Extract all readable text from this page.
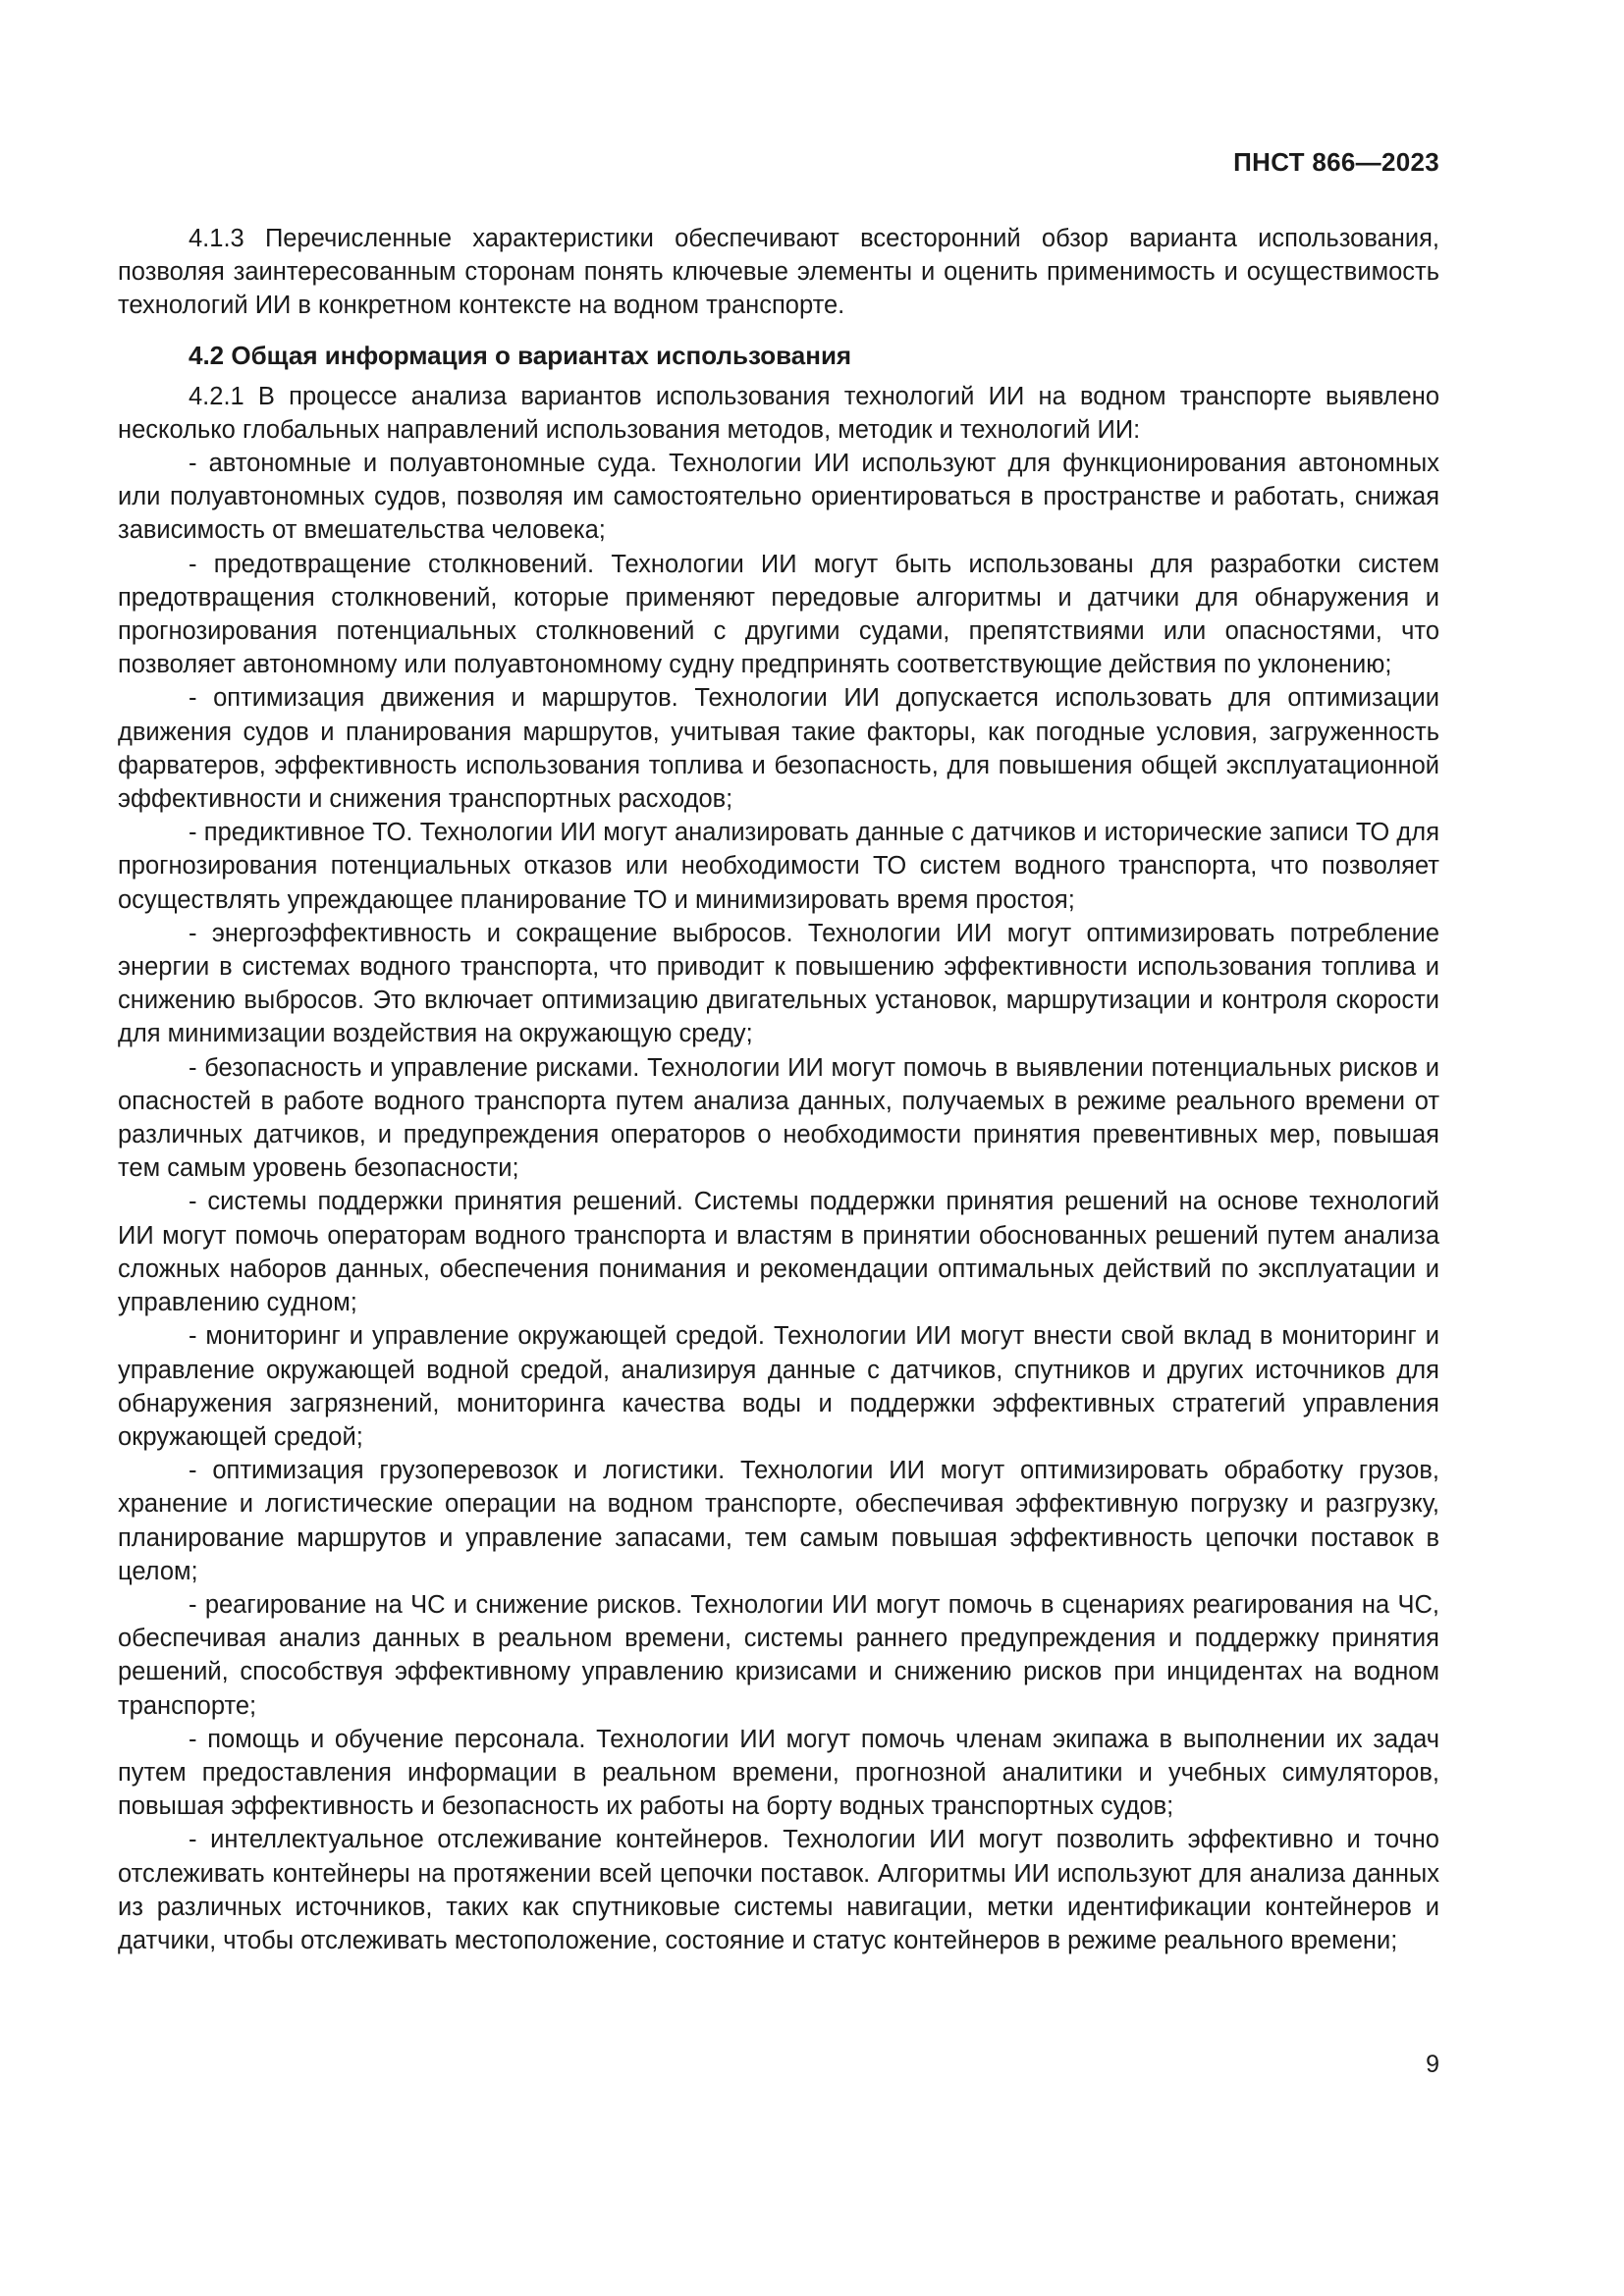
ПНСТ 866—2023

4.1.3 Перечисленные характеристики обеспечивают всесторонний обзор варианта использования, позволяя заинтересованным сторонам понять ключевые элементы и оценить применимость и осуществимость технологий ИИ в конкретном контексте на водном транспорте.

4.2 Общая информация о вариантах использования

4.2.1 В процессе анализа вариантов использования технологий ИИ на водном транспорте выявлено несколько глобальных направлений использования методов, методик и технологий ИИ:

- автономные и полуавтономные суда. Технологии ИИ используют для функционирования автономных или полуавтономных судов, позволяя им самостоятельно ориентироваться в пространстве и работать, снижая зависимость от вмешательства человека;

- предотвращение столкновений. Технологии ИИ могут быть использованы для разработки систем предотвращения столкновений, которые применяют передовые алгоритмы и датчики для обнаружения и прогнозирования потенциальных столкновений с другими судами, препятствиями или опасностями, что позволяет автономному или полуавтономному судну предпринять соответствующие действия по уклонению;

- оптимизация движения и маршрутов. Технологии ИИ допускается использовать для оптимизации движения судов и планирования маршрутов, учитывая такие факторы, как погодные условия, загруженность фарватеров, эффективность использования топлива и безопасность, для повышения общей эксплуатационной эффективности и снижения транспортных расходов;

- предиктивное ТО. Технологии ИИ могут анализировать данные с датчиков и исторические записи ТО для прогнозирования потенциальных отказов или необходимости ТО систем водного транспорта, что позволяет осуществлять упреждающее планирование ТО и минимизировать время простоя;

- энергоэффективность и сокращение выбросов. Технологии ИИ могут оптимизировать потребление энергии в системах водного транспорта, что приводит к повышению эффективности использования топлива и снижению выбросов. Это включает оптимизацию двигательных установок, маршрутизации и контроля скорости для минимизации воздействия на окружающую среду;

- безопасность и управление рисками. Технологии ИИ могут помочь в выявлении потенциальных рисков и опасностей в работе водного транспорта путем анализа данных, получаемых в режиме реального времени от различных датчиков, и предупреждения операторов о необходимости принятия превентивных мер, повышая тем самым уровень безопасности;

- системы поддержки принятия решений. Системы поддержки принятия решений на основе технологий ИИ могут помочь операторам водного транспорта и властям в принятии обоснованных решений путем анализа сложных наборов данных, обеспечения понимания и рекомендации оптимальных действий по эксплуатации и управлению судном;

- мониторинг и управление окружающей средой. Технологии ИИ могут внести свой вклад в мониторинг и управление окружающей водной средой, анализируя данные с датчиков, спутников и других источников для обнаружения загрязнений, мониторинга качества воды и поддержки эффективных стратегий управления окружающей средой;

- оптимизация грузоперевозок и логистики. Технологии ИИ могут оптимизировать обработку грузов, хранение и логистические операции на водном транспорте, обеспечивая эффективную погрузку и разгрузку, планирование маршрутов и управление запасами, тем самым повышая эффективность цепочки поставок в целом;

- реагирование на ЧС и снижение рисков. Технологии ИИ могут помочь в сценариях реагирования на ЧС, обеспечивая анализ данных в реальном времени, системы раннего предупреждения и поддержку принятия решений, способствуя эффективному управлению кризисами и снижению рисков при инцидентах на водном транспорте;

- помощь и обучение персонала. Технологии ИИ могут помочь членам экипажа в выполнении их задач путем предоставления информации в реальном времени, прогнозной аналитики и учебных симуляторов, повышая эффективность и безопасность их работы на борту водных транспортных судов;

- интеллектуальное отслеживание контейнеров. Технологии ИИ могут позволить эффективно и точно отслеживать контейнеры на протяжении всей цепочки поставок. Алгоритмы ИИ используют для анализа данных из различных источников, таких как спутниковые системы навигации, метки идентификации контейнеров и датчики, чтобы отслеживать местоположение, состояние и статус контейнеров в режиме реального времени;

9
